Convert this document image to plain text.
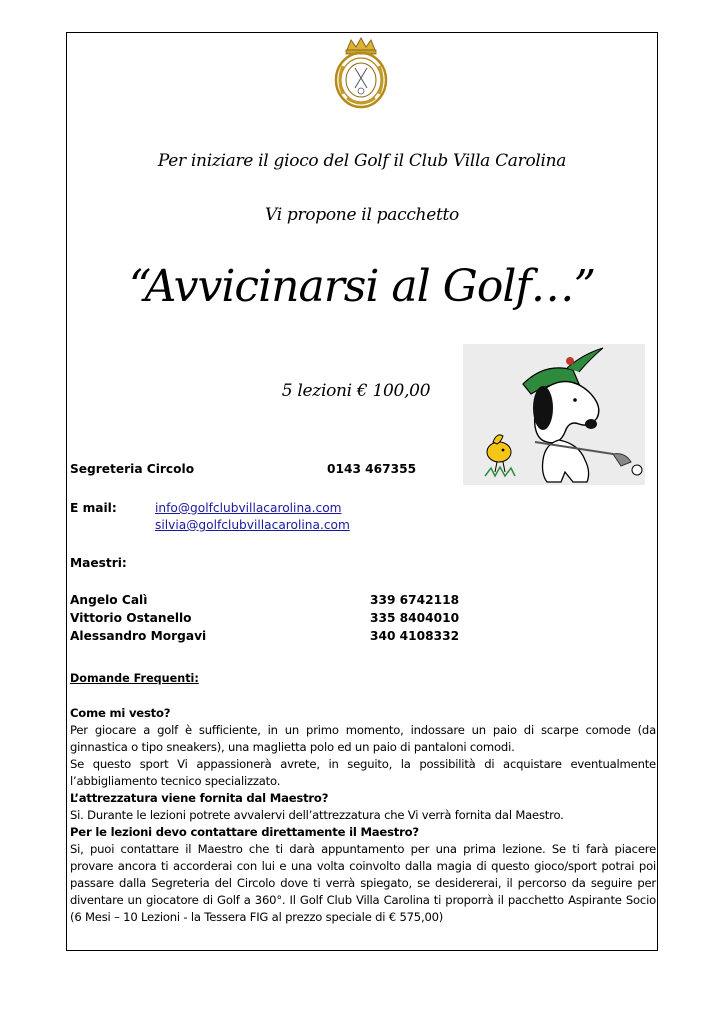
Per iniziare il gioco del Golf il Club Villa Carolina
Vi propone il pacchetto
“Avvicinarsi al Golf…”
5 lezioni € 100,00
Segreteria Circolo	0143 467355
E mail:	info@golfclubvillacarolina.com
silvia@golfclubvillacarolina.com
Maestri:
Angelo Calì	339 6742118
Vittorio Ostanello	335 8404010
Alessandro Morgavi	340 4108332
Domande Frequenti:

Come mi vesto?

Per giocare a golf è sufficiente, in un primo momento, indossare un paio di scarpe comode (da ginnastica o tipo sneakers), una maglietta polo ed un paio di pantaloni comodi.

Se questo sport Vi appassionerà avrete, in seguito, la possibilità di acquistare eventualmente l’abbigliamento tecnico specializzato.

L’attrezzatura viene fornita dal Maestro?

Si. Durante le lezioni potrete avvalervi dell’attrezzatura che Vi verrà fornita dal Maestro.

Per le lezioni devo contattare direttamente il Maestro?

Si, puoi contattare il Maestro che ti darà appuntamento per una prima lezione. Se ti farà piacere provare ancora ti accorderai con lui e una volta coinvolto dalla magia di questo gioco/sport potrai poi passare dalla Segreteria del Circolo dove ti verrà spiegato, se desidererai, il percorso da seguire per diventare un giocatore di Golf a 360°. Il Golf Club Villa Carolina ti proporrà il pacchetto Aspirante Socio (6 Mesi – 10 Lezioni - la Tessera FIG al prezzo speciale di € 575,00)
